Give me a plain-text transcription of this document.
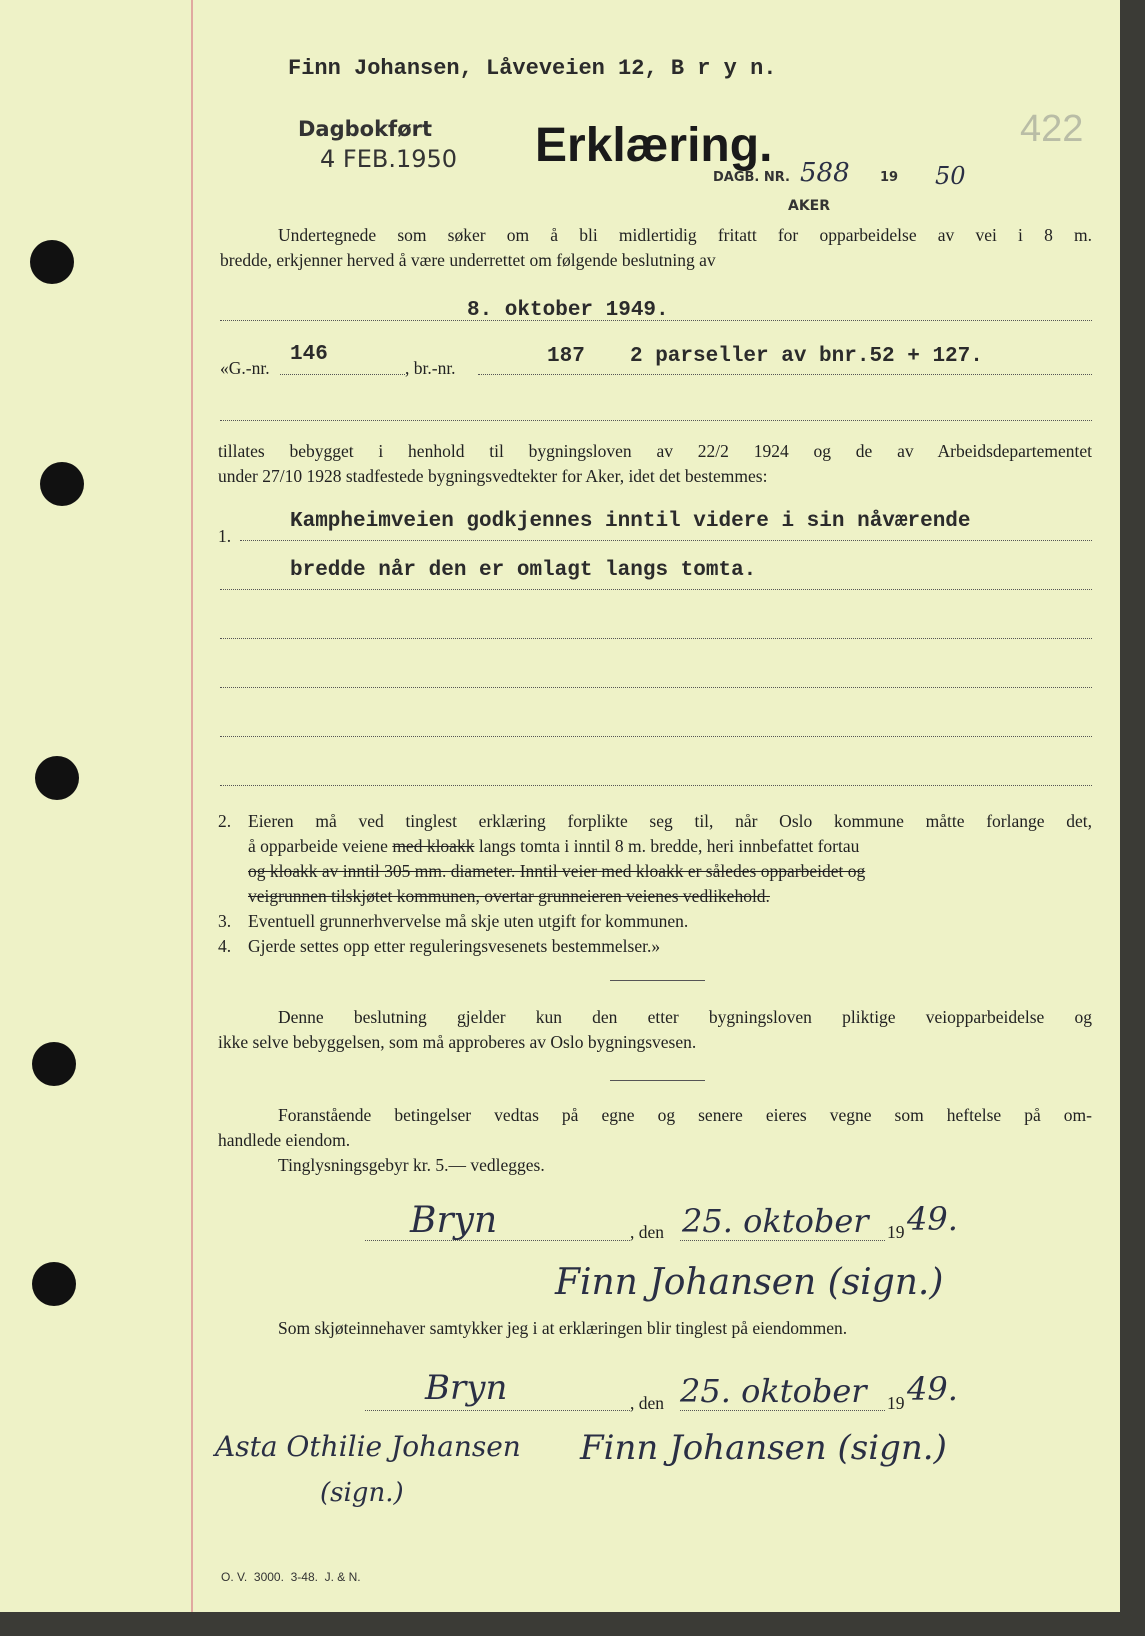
Finn Johansen, Låveveien 12, B r y n.
Dagbokført
4 FEB.1950 Erklæring.
DAGB. NR. 588 19 50
AKER
422
Undertegnede som søker om å bli midlertidig fritatt for opparbeidelse av vei i 8 m.
bredde, erkjenner herved å være underrettet om følgende beslutning av
8. oktober 1949.
«G.-nr.
146
, br.-nr.	187 2 parseller av bnr.52 + 127.
tillates bebygget i henhold til bygningsloven av 22/2 1924 og de av Arbeidsdepartementet
under 27/10 1928 stadfestede bygningsvedtekter for Aker, idet det bestemmes:
1.
Kampheimveien godkjennes inntil videre i sin nåværende
bredde når den er omlagt langs tomta.
2. Eieren må ved tinglest erklæring forplikte seg til, når Oslo kommune måtte forlange det,
å opparbeide veiene med kloakk langs tomta i inntil 8 m. bredde, heri innbefattet fortau
og kloakk av inntil 305 mm. diameter. Inntil veier med kloakk er således opparbeidet og
veigrunnen tilskjøtet kommunen, overtar grunneieren veienes vedlikehold.
3. Eventuell grunnerhvervelse må skje uten utgift for kommunen.
4. Gjerde settes opp etter reguleringsvesenets bestemmelser.»
Denne beslutning gjelder kun den etter bygningsloven pliktige veiopparbeidelse og
ikke selve bebyggelsen, som må approberes av Oslo bygningsvesen.
Foranstående betingelser vedtas på egne og senere eieres vegne som heftelse på om-
handlede eiendom.
Tinglysningsgebyr kr. 5.— vedlegges.
Bryn	, den 25. oktober 19 49.
Finn Johansen (sign.)
Som skjøteinnehaver samtykker jeg i at erklæringen blir tinglest på eiendommen.
Bryn	, den 25. oktober 19 49.
Asta Othilie Johansen
(sign.)
Finn Johansen (sign.)
O. V.  3000.  3-48.  J. & N.
